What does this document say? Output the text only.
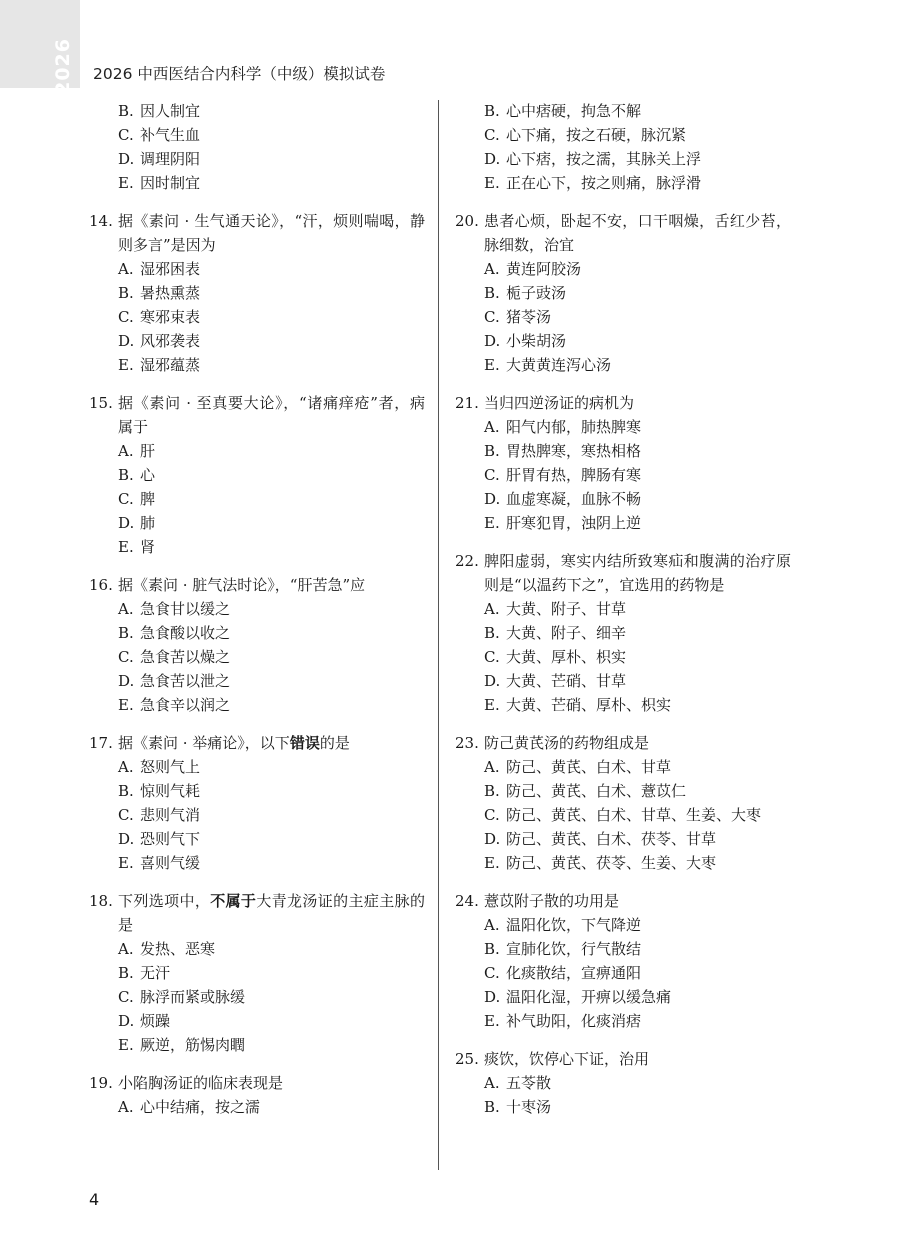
2026	2026 中西医结合内科学（中级）模拟试卷
B. 因人制宜
C. 补气生血
D. 调理阴阳
E. 因时制宜
14. 据《素问 · 生气通天论》，“汗，烦则喘喝，静则多言”是因为
A. 湿邪困表
B. 暑热熏蒸
C. 寒邪束表
D. 风邪袭表
E. 湿邪蕴蒸
15. 据《素问 · 至真要大论》，“诸痛痒疮”者，病属于
A. 肝
B. 心
C. 脾
D. 肺
E. 肾
16. 据《素问 · 脏气法时论》，“肝苦急”应
A. 急食甘以缓之
B. 急食酸以收之
C. 急食苦以燥之
D. 急食苦以泄之
E. 急食辛以润之
17. 据《素问 · 举痛论》，以下错误的是
A. 怒则气上
B. 惊则气耗
C. 悲则气消
D. 恐则气下
E. 喜则气缓
18. 下列选项中，不属于大青龙汤证的主症主脉的是
A. 发热、恶寒
B. 无汗
C. 脉浮而紧或脉缓
D. 烦躁
E. 厥逆，筋惕肉瞤
19. 小陷胸汤证的临床表现是
A. 心中结痛，按之濡
B. 心中痞硬，拘急不解
C. 心下痛，按之石硬，脉沉紧
D. 心下痞，按之濡，其脉关上浮
E. 正在心下，按之则痛，脉浮滑
20. 患者心烦，卧起不安，口干咽燥，舌红少苔，脉细数，治宜
A. 黄连阿胶汤
B. 栀子豉汤
C. 猪苓汤
D. 小柴胡汤
E. 大黄黄连泻心汤
21. 当归四逆汤证的病机为
A. 阳气内郁，肺热脾寒
B. 胃热脾寒，寒热相格
C. 肝胃有热，脾肠有寒
D. 血虚寒凝，血脉不畅
E. 肝寒犯胃，浊阴上逆
22. 脾阳虚弱，寒实内结所致寒疝和腹满的治疗原则是“以温药下之”，宜选用的药物是
A. 大黄、附子、甘草
B. 大黄、附子、细辛
C. 大黄、厚朴、枳实
D. 大黄、芒硝、甘草
E. 大黄、芒硝、厚朴、枳实
23. 防己黄芪汤的药物组成是
A. 防己、黄芪、白术、甘草
B. 防己、黄芪、白术、薏苡仁
C. 防己、黄芪、白术、甘草、生姜、大枣
D. 防己、黄芪、白术、茯苓、甘草
E. 防己、黄芪、茯苓、生姜、大枣
24. 薏苡附子散的功用是
A. 温阳化饮，下气降逆
B. 宣肺化饮，行气散结
C. 化痰散结，宣痹通阳
D. 温阳化湿，开痹以缓急痛
E. 补气助阳，化痰消痞
25. 痰饮，饮停心下证，治用
A. 五苓散
B. 十枣汤
4
